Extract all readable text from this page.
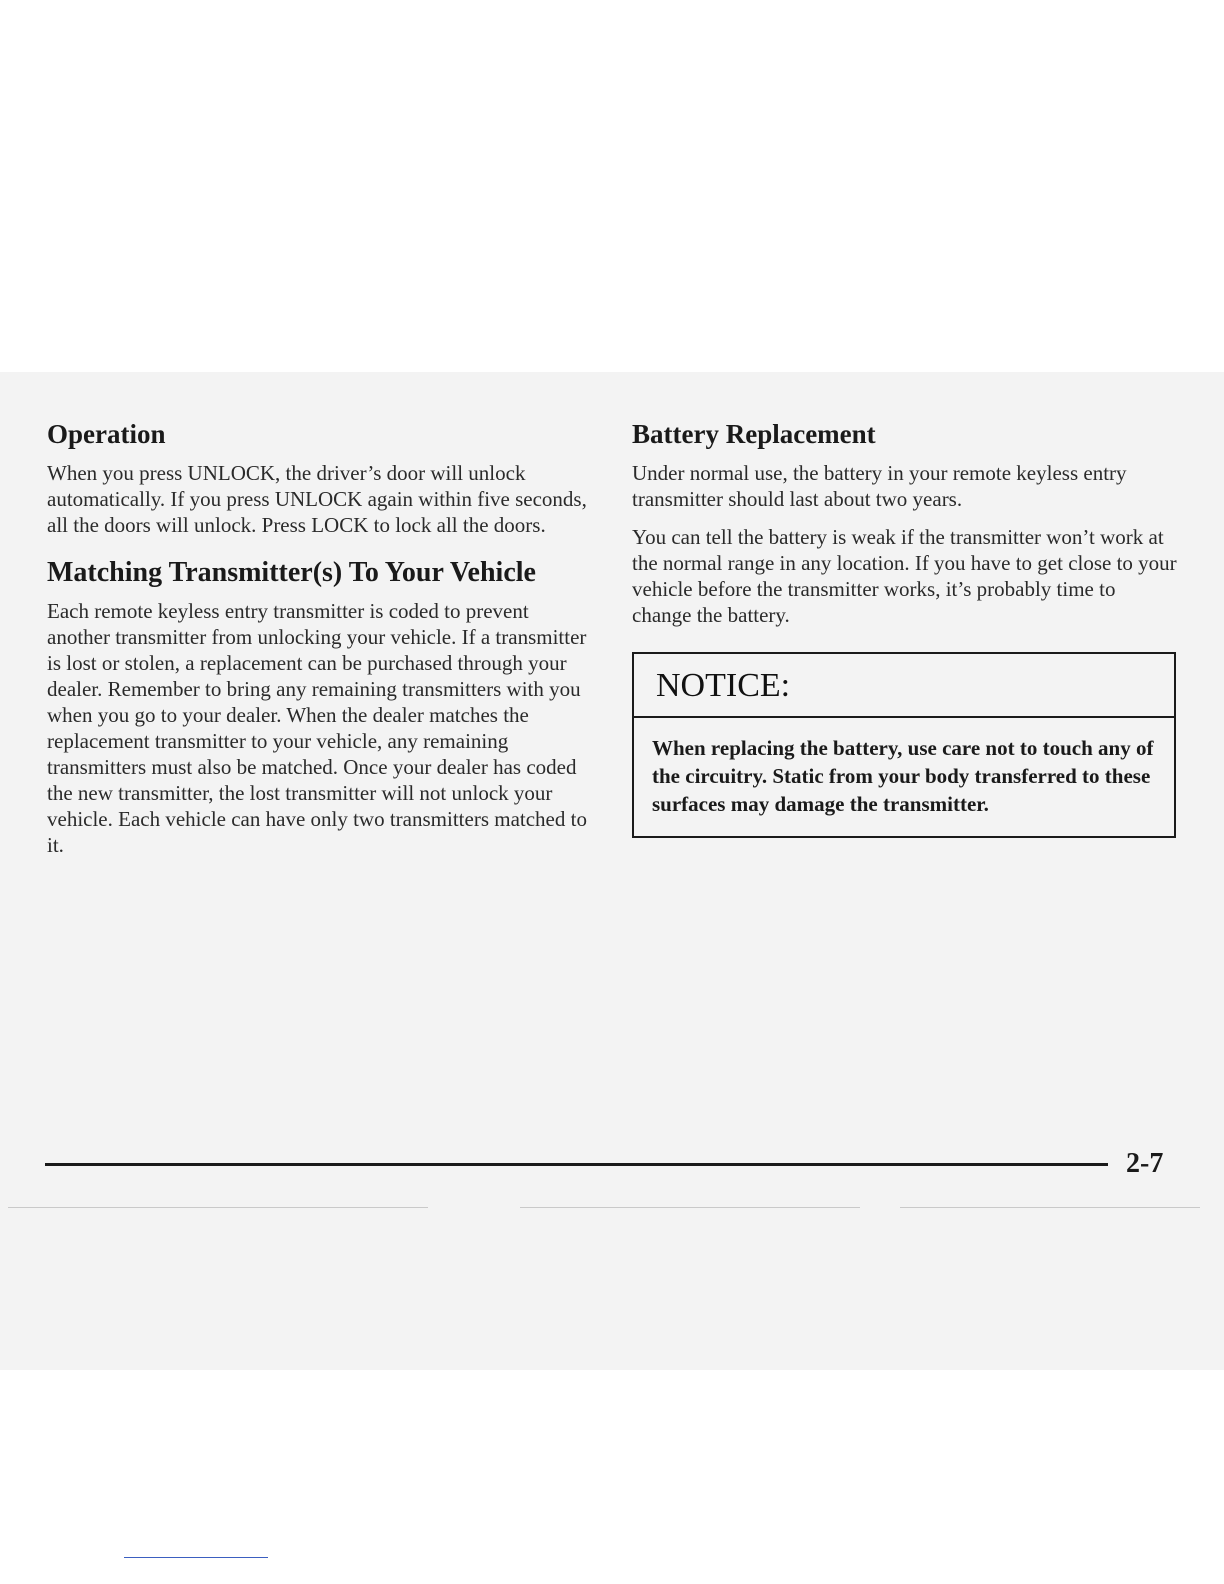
Operation

When you press UNLOCK, the driver’s door will unlock automatically. If you press UNLOCK again within five seconds, all the doors will unlock. Press LOCK to lock all the doors.

Matching Transmitter(s) To Your Vehicle

Each remote keyless entry transmitter is coded to prevent another transmitter from unlocking your vehicle. If a transmitter is lost or stolen, a replacement can be purchased through your dealer. Remember to bring any remaining transmitters with you when you go to your dealer. When the dealer matches the replacement transmitter to your vehicle, any remaining transmitters must also be matched. Once your dealer has coded the new transmitter, the lost transmitter will not unlock your vehicle. Each vehicle can have only two transmitters matched to it.

Battery Replacement

Under normal use, the battery in your remote keyless entry transmitter should last about two years.

You can tell the battery is weak if the transmitter won’t work at the normal range in any location. If you have to get close to your vehicle before the transmitter works, it’s probably time to change the battery.

NOTICE:
When replacing the battery, use care not to touch any of the circuitry. Static from your body transferred to these surfaces may damage the transmitter.
2-7
